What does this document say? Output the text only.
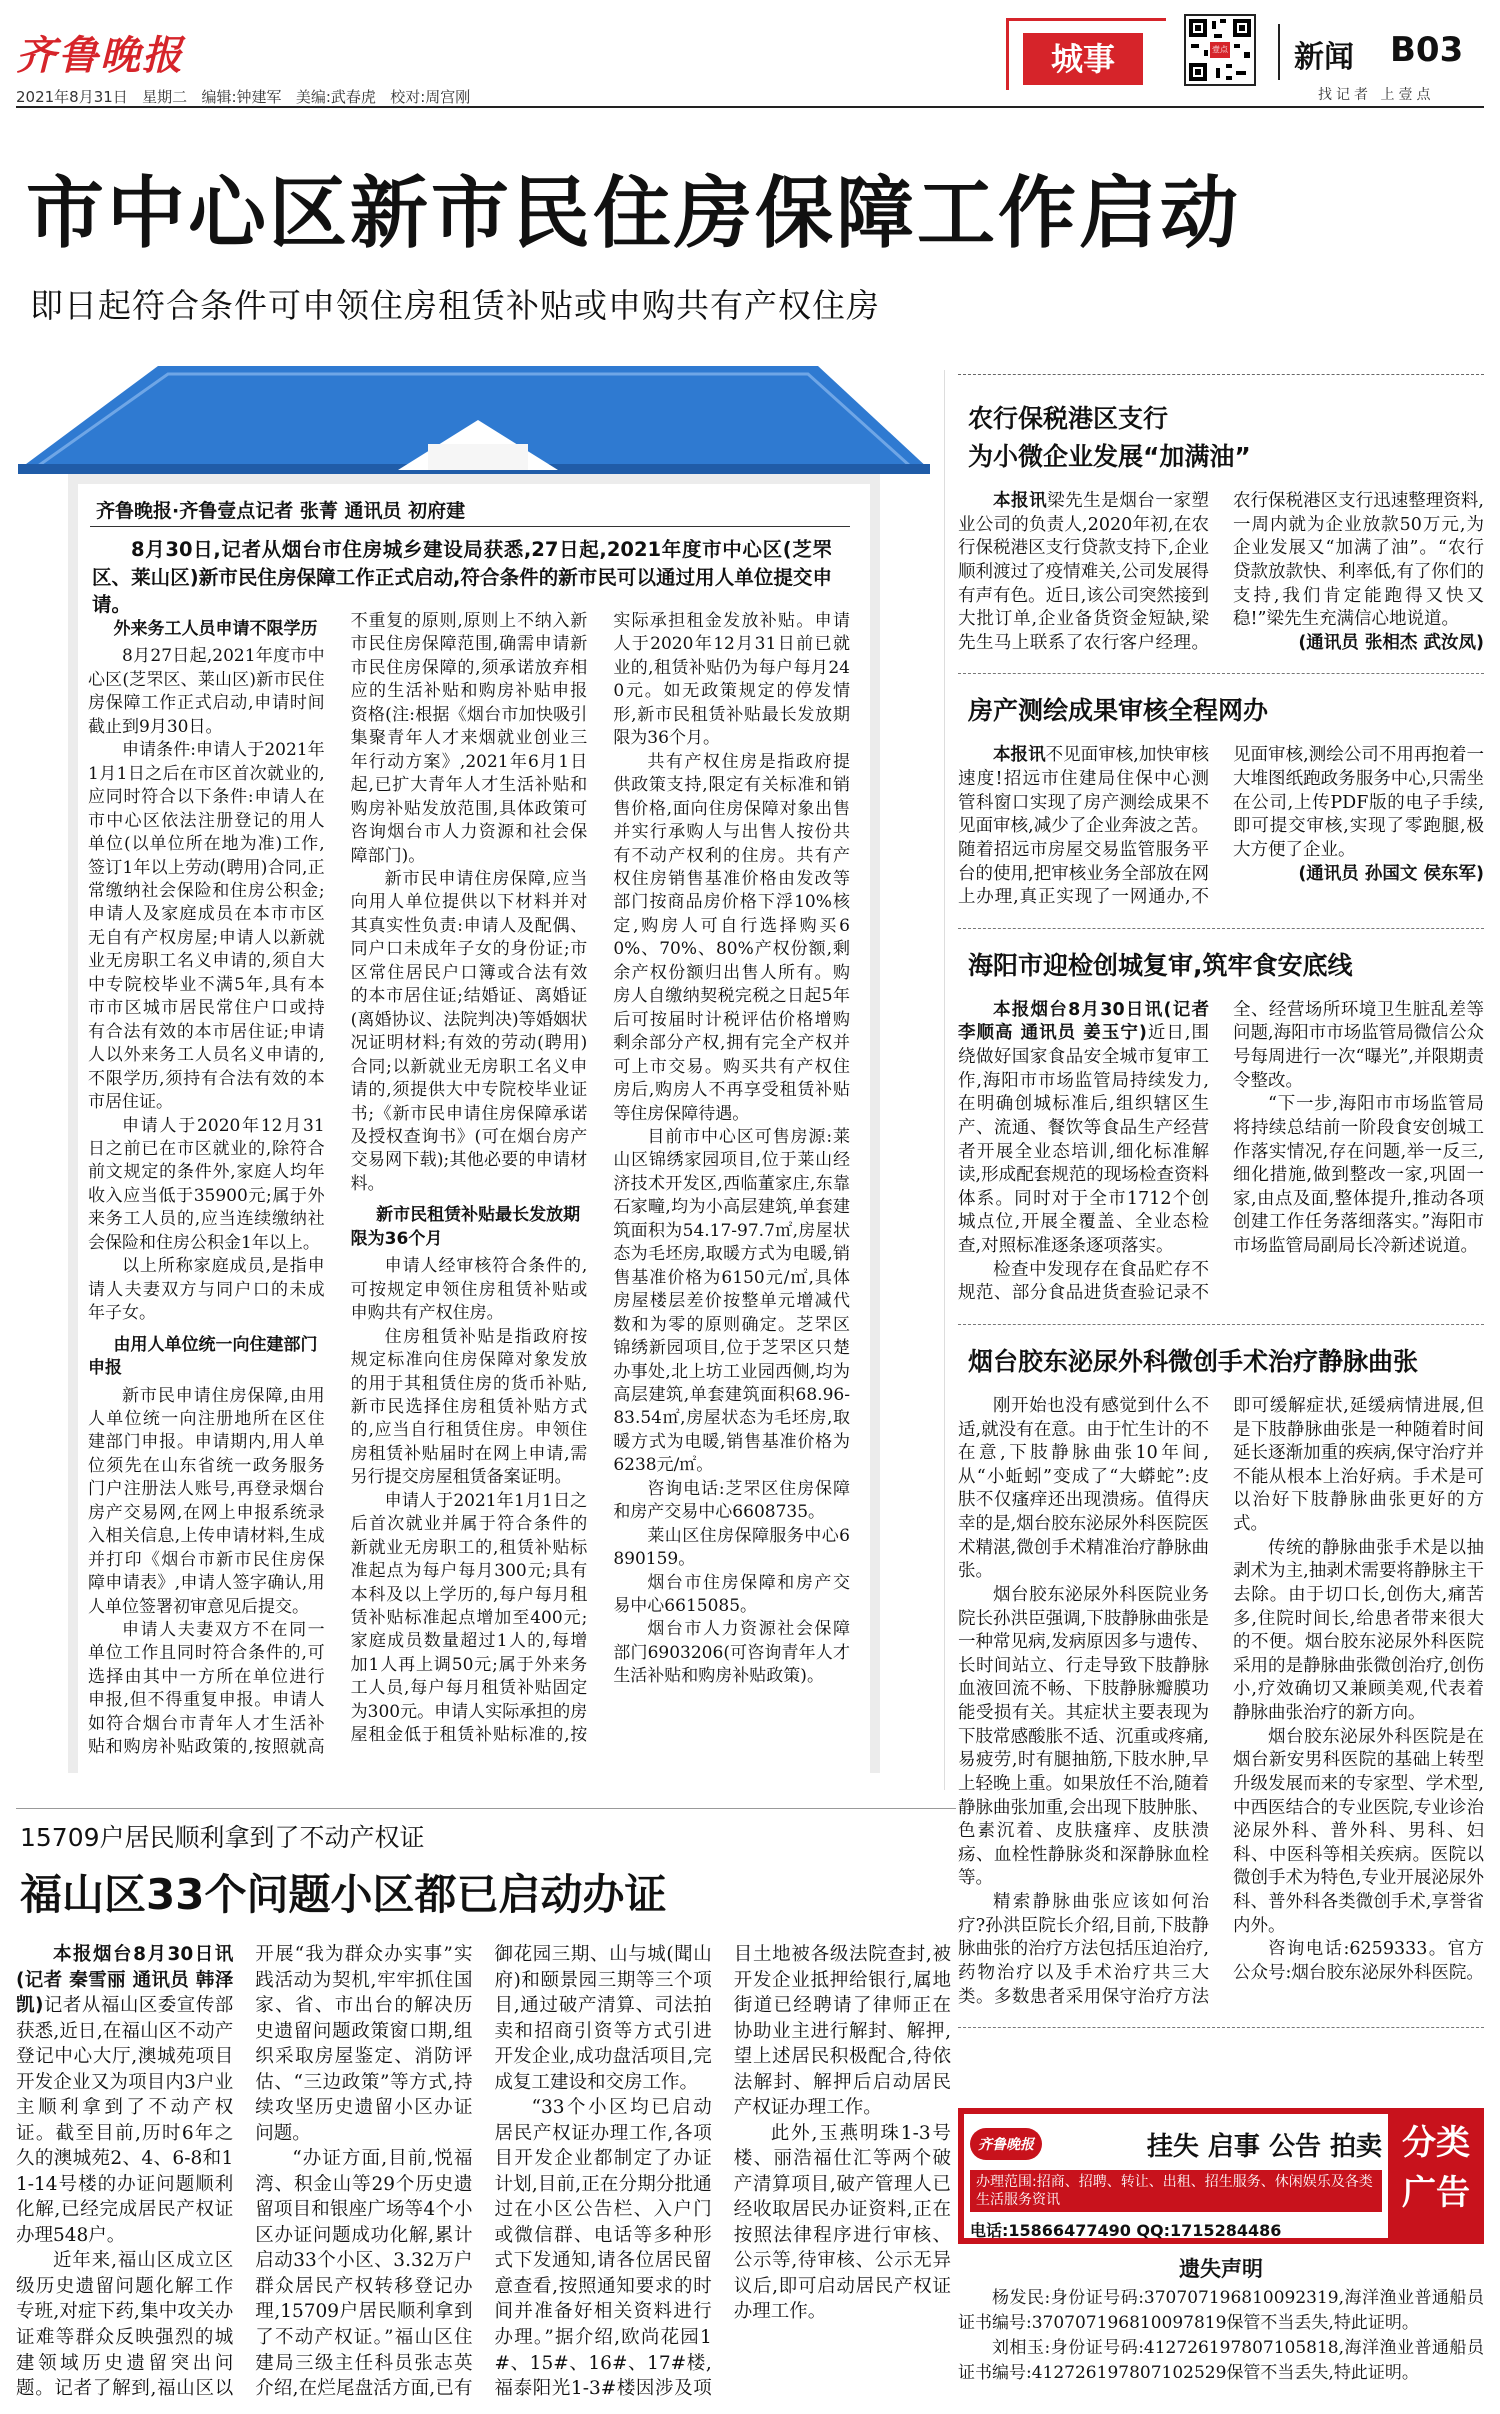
齐鲁晚报
2021年8月31日 星期二 编辑:钟建军 美编:武春虎 校对:周宫刚
城事	壹点 新闻 B03
找记者 上壹点
市中心区新市民住房保障工作启动
即日起符合条件可申领住房租赁补贴或申购共有产权住房
齐鲁晚报·齐鲁壹点记者 张菁 通讯员 初府建

8月30日,记者从烟台市住房城乡建设局获悉,27日起,2021年度市中心区(芝罘区、莱山区)新市民住房保障工作正式启动,符合条件的新市民可以通过用人单位提交申请。

外来务工人员申请不限学历

8月27日起,2021年度市中心区(芝罘区、莱山区)新市民住房保障工作正式启动,申请时间截止到9月30日。

申请条件:申请人于2021年1月1日之后在市区首次就业的,应同时符合以下条件:申请人在市中心区依法注册登记的用人单位(以单位所在地为准)工作,签订1年以上劳动(聘用)合同,正常缴纳社会保险和住房公积金;申请人及家庭成员在本市市区无自有产权房屋;申请人以新就业无房职工名义申请的,须自大中专院校毕业不满5年,具有本市市区城市居民常住户口或持有合法有效的本市居住证;申请人以外来务工人员名义申请的,不限学历,须持有合法有效的本市居住证。

申请人于2020年12月31日之前已在市区就业的,除符合前文规定的条件外,家庭人均年收入应当低于35900元;属于外来务工人员的,应当连续缴纳社会保险和住房公积金1年以上。

以上所称家庭成员,是指申请人夫妻双方与同户口的未成年子女。

由用人单位统一向住建部门申报

新市民申请住房保障,由用人单位统一向注册地所在区住建部门申报。申请期内,用人单位须先在山东省统一政务服务门户注册法人账号,再登录烟台房产交易网,在网上申报系统录入相关信息,上传申请材料,生成并打印《烟台市新市民住房保障申请表》,申请人签字确认,用人单位签署初审意见后提交。

申请人夫妻双方不在同一单位工作且同时符合条件的,可选择由其中一方所在单位进行申报,但不得重复申报。申请人如符合烟台市青年人才生活补贴和购房补贴政策的,按照就高不重复的原则,原则上不纳入新市民住房保障范围,确需申请新市民住房保障的,须承诺放弃相应的生活补贴和购房补贴申报资格(注:根据《烟台市加快吸引集聚青年人才来烟就业创业三年行动方案》,2021年6月1日起,已扩大青年人才生活补贴和购房补贴发放范围,具体政策可咨询烟台市人力资源和社会保障部门)。

新市民申请住房保障,应当向用人单位提供以下材料并对其真实性负责:申请人及配偶、同户口未成年子女的身份证;市区常住居民户口簿或合法有效的本市居住证;结婚证、离婚证(离婚协议、法院判决)等婚姻状况证明材料;有效的劳动(聘用)合同;以新就业无房职工名义申请的,须提供大中专院校毕业证书;《新市民申请住房保障承诺及授权查询书》(可在烟台房产交易网下载);其他必要的申请材料。

新市民租赁补贴最长发放期限为36个月

申请人经审核符合条件的,可按规定申领住房租赁补贴或申购共有产权住房。

住房租赁补贴是指政府按规定标准向住房保障对象发放的用于其租赁住房的货币补贴,新市民选择住房租赁补贴方式的,应当自行租赁住房。申领住房租赁补贴届时在网上申请,需另行提交房屋租赁备案证明。

申请人于2021年1月1日之后首次就业并属于符合条件的新就业无房职工的,租赁补贴标准起点为每户每月300元;具有本科及以上学历的,每户每月租赁补贴标准起点增加至400元;家庭成员数量超过1人的,每增加1人再上调50元;属于外来务工人员,每户每月租赁补贴固定为300元。申请人实际承担的房屋租金低于租赁补贴标准的,按实际承担租金发放补贴。申请人于2020年12月31日前已就业的,租赁补贴仍为每户每月240元。如无政策规定的停发情形,新市民租赁补贴最长发放期限为36个月。

共有产权住房是指政府提供政策支持,限定有关标准和销售价格,面向住房保障对象出售并实行承购人与出售人按份共有不动产权利的住房。共有产权住房销售基准价格由发改等部门按商品房价格下浮10%核定,购房人可自行选择购买60%、70%、80%产权份额,剩余产权份额归出售人所有。购房人自缴纳契税完税之日起5年后可按届时计税评估价格增购剩余部分产权,拥有完全产权并可上市交易。购买共有产权住房后,购房人不再享受租赁补贴等住房保障待遇。

目前市中心区可售房源:莱山区锦绣家园项目,位于莱山经济技术开发区,西临董家庄,东靠石家疃,均为小高层建筑,单套建筑面积为54.17-97.7㎡,房屋状态为毛坯房,取暖方式为电暖,销售基准价格为6150元/㎡,具体房屋楼层差价按整单元增减代数和为零的原则确定。芝罘区锦绣新园项目,位于芝罘区只楚办事处,北上坊工业园西侧,均为高层建筑,单套建筑面积68.96-83.54㎡,房屋状态为毛坯房,取暖方式为电暖,销售基准价格为6238元/㎡。

咨询电话:芝罘区住房保障和房产交易中心6608735。

莱山区住房保障服务中心6890159。

烟台市住房保障和房产交易中心6615085。

烟台市人力资源社会保障部门6903206(可咨询青年人才生活补贴和购房补贴政策)。

15709户居民顺利拿到了不动产权证
福山区33个问题小区都已启动办证

本报烟台8月30日讯(记者 秦雪丽 通讯员 韩泽凯)记者从福山区委宣传部获悉,近日,在福山区不动产登记中心大厅,澳城苑项目开发企业又为项目内3户业主顺利拿到了不动产权证。截至目前,历时6年之久的澳城苑2、4、6-8和11-14号楼的办证问题顺利化解,已经完成居民产权证办理548户。

近年来,福山区成立区级历史遗留问题化解工作专班,对症下药,集中攻关办证难等群众反映强烈的城建领域历史遗留突出问题。记者了解到,福山区以开展“我为群众办实事”实践活动为契机,牢牢抓住国家、省、市出台的解决历史遗留问题政策窗口期,组织采取房屋鉴定、消防评估、“三边政策”等方式,持续攻坚历史遗留小区办证问题。

“办证方面,目前,悦福湾、积金山等29个历史遗留项目和银座广场等4个小区办证问题成功化解,累计启动33个小区、3.32万户群众居民产权转移登记办理,15709户居民顺利拿到了不动产权证。”福山区住建局三级主任科员张志英介绍,在烂尾盘活方面,已有御花园三期、山与城(聞山府)和颐景园三期等三个项目,通过破产清算、司法拍卖和招商引资等方式引进开发企业,成功盘活项目,完成复工建设和交房工作。

“33个小区均已启动居民产权证办理工作,各项目开发企业都制定了办证计划,目前,正在分期分批通过在小区公告栏、入户门或微信群、电话等多种形式下发通知,请各位居民留意查看,按照通知要求的时间并准备好相关资料进行办理。”据介绍,欧尚花园1#、15#、16#、17#楼,福泰阳光1-3#楼因涉及项目土地被各级法院查封,被开发企业抵押给银行,属地街道已经聘请了律师正在协助业主进行解封、解押,望上述居民积极配合,待依法解封、解押后启动居民产权证办理工作。

此外,玉燕明珠1-3号楼、丽浩福仕汇等两个破产清算项目,破产管理人已经收取居民办证资料,正在按照法律程序进行审核、公示等,待审核、公示无异议后,即可启动居民产权证办理工作。

农行保税港区支行
为小微企业发展“加满油”

本报讯梁先生是烟台一家塑业公司的负责人,2020年初,在农行保税港区支行贷款支持下,企业顺利渡过了疫情难关,公司发展得有声有色。近日,该公司突然接到大批订单,企业备货资金短缺,梁先生马上联系了农行客户经理。农行保税港区支行迅速整理资料,一周内就为企业放款50万元,为企业发展又“加满了油”。“农行贷款放款快、利率低,有了你们的支持,我们肯定能跑得又快又稳!”梁先生充满信心地说道。

(通讯员 张相杰 武汝凤)

房产测绘成果审核全程网办

本报讯不见面审核,加快审核速度!招远市住建局住保中心测管科窗口实现了房产测绘成果不见面审核,减少了企业奔波之苦。随着招远市房屋交易监管服务平台的使用,把审核业务全部放在网上办理,真正实现了一网通办,不见面审核,测绘公司不用再抱着一大堆图纸跑政务服务中心,只需坐在公司,上传PDF版的电子手续,即可提交审核,实现了零跑腿,极大方便了企业。

(通讯员 孙国文 侯东军)

海阳市迎检创城复审,筑牢食安底线

本报烟台8月30日讯(记者 李顺高 通讯员 姜玉宁)近日,围绕做好国家食品安全城市复审工作,海阳市市场监管局持续发力,在明确创城标准后,组织辖区生产、流通、餐饮等食品生产经营者开展全业态培训,细化标准解读,形成配套规范的现场检查资料体系。同时对于全市1712个创城点位,开展全覆盖、全业态检查,对照标准逐条逐项落实。

检查中发现存在食品贮存不规范、部分食品进货查验记录不全、经营场所环境卫生脏乱差等问题,海阳市市场监管局微信公众号每周进行一次“曝光”,并限期责令整改。

“下一步,海阳市市场监管局将持续总结前一阶段食安创城工作落实情况,存在问题,举一反三,细化措施,做到整改一家,巩固一家,由点及面,整体提升,推动各项创建工作任务落细落实。”海阳市市场监管局副局长冷新述说道。

烟台胶东泌尿外科微创手术治疗静脉曲张

刚开始也没有感觉到什么不适,就没有在意。由于忙生计的不在意,下肢静脉曲张10年间,从“小蚯蚓”变成了“大蟒蛇”:皮肤不仅瘙痒还出现溃疡。值得庆幸的是,烟台胶东泌尿外科医院医术精湛,微创手术精准治疗静脉曲张。

烟台胶东泌尿外科医院业务院长孙洪臣强调,下肢静脉曲张是一种常见病,发病原因多与遗传、长时间站立、行走导致下肢静脉血液回流不畅、下肢静脉瓣膜功能受损有关。其症状主要表现为下肢常感酸胀不适、沉重或疼痛,易疲劳,时有腿抽筋,下肢水肿,早上轻晚上重。如果放任不治,随着静脉曲张加重,会出现下肢肿胀、色素沉着、皮肤瘙痒、皮肤溃疡、血栓性静脉炎和深静脉血栓等。

精索静脉曲张应该如何治疗?孙洪臣院长介绍,目前,下肢静脉曲张的治疗方法包括压迫治疗,药物治疗以及手术治疗共三大类。多数患者采用保守治疗方法即可缓解症状,延缓病情进展,但是下肢静脉曲张是一种随着时间延长逐渐加重的疾病,保守治疗并不能从根本上治好病。手术是可以治好下肢静脉曲张更好的方式。

传统的静脉曲张手术是以抽剥术为主,抽剥术需要将静脉主干去除。由于切口长,创伤大,痛苦多,住院时间长,给患者带来很大的不便。烟台胶东泌尿外科医院采用的是静脉曲张微创治疗,创伤小,疗效确切又兼顾美观,代表着静脉曲张治疗的新方向。

烟台胶东泌尿外科医院是在烟台新安男科医院的基础上转型升级发展而来的专家型、学术型,中西医结合的专业医院,专业诊治泌尿外科、普外科、男科、妇科、中医科等相关疾病。医院以微创手术为特色,专业开展泌尿外科、普外科各类微创手术,享誉省内外。

咨询电话:6259333。官方公众号:烟台胶东泌尿外科医院。

齐鲁晚报	挂失 启事 公告 拍卖
办理范围:招商、招聘、转让、出租、招生服务、休闲娱乐及各类生活服务资讯
电话:15866477490 QQ:1715284486
分类
广告
遗失声明

杨发民:身份证号码:370707196810092319,海洋渔业普通船员证书编号:370707196810097819保管不当丢失,特此证明。

刘相玉:身份证号码:412726197807105818,海洋渔业普通船员证书编号:412726197807102529保管不当丢失,特此证明。
